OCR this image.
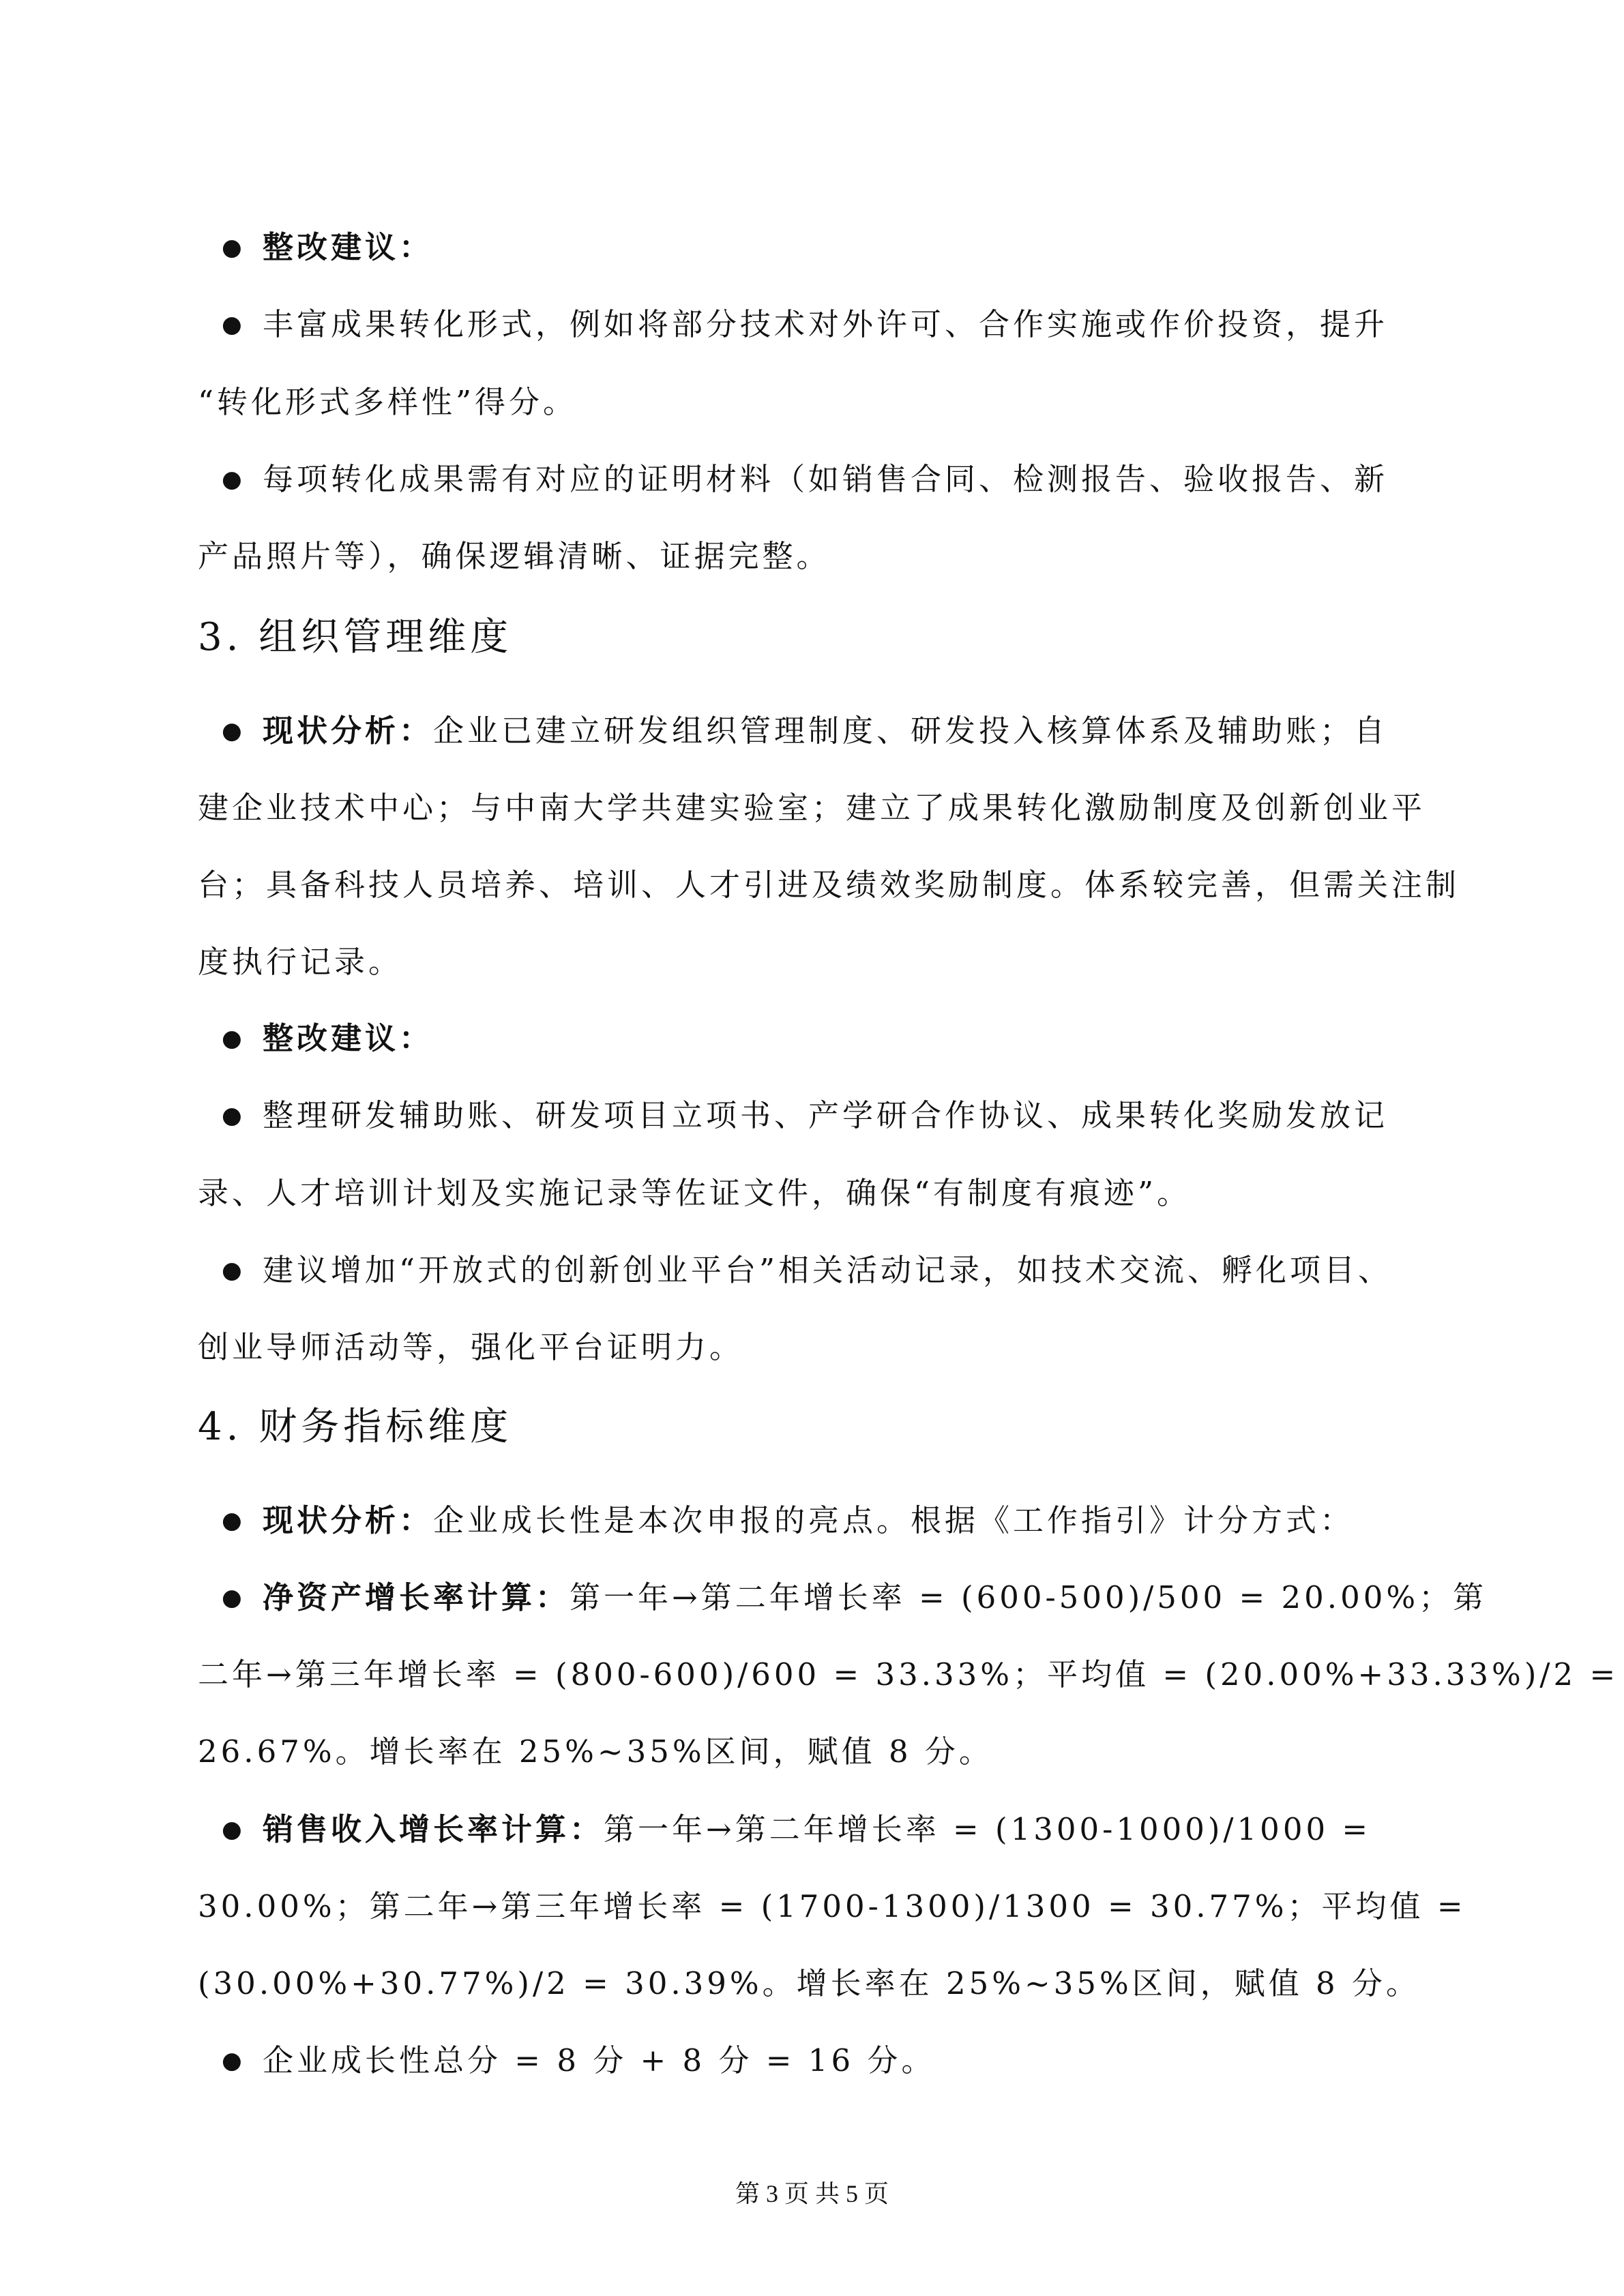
● 整改建议：
● 丰富成果转化形式，例如将部分技术对外许可、合作实施或作价投资，提升
“转化形式多样性”得分。
● 每项转化成果需有对应的证明材料（如销售合同、检测报告、验收报告、新
产品照片等），确保逻辑清晰、证据完整。
3. 组织管理维度
● 现状分析：企业已建立研发组织管理制度、研发投入核算体系及辅助账；自
建企业技术中心；与中南大学共建实验室；建立了成果转化激励制度及创新创业平
台；具备科技人员培养、培训、人才引进及绩效奖励制度。体系较完善，但需关注制
度执行记录。
● 整改建议：
● 整理研发辅助账、研发项目立项书、产学研合作协议、成果转化奖励发放记
录、人才培训计划及实施记录等佐证文件，确保“有制度有痕迹”。
● 建议增加“开放式的创新创业平台”相关活动记录，如技术交流、孵化项目、
创业导师活动等，强化平台证明力。
4. 财务指标维度
● 现状分析：企业成长性是本次申报的亮点。根据《工作指引》计分方式：
● 净资产增长率计算：第一年→第二年增长率 = (600-500)/500 = 20.00%；第
二年→第三年增长率 = (800-600)/600 = 33.33%；平均值 = (20.00%+33.33%)/2 =
26.67%。增长率在 25%~35%区间，赋值 8 分。
● 销售收入增长率计算：第一年→第二年增长率 = (1300-1000)/1000 =
30.00%；第二年→第三年增长率 = (1700-1300)/1300 = 30.77%；平均值 =
(30.00%+30.77%)/2 = 30.39%。增长率在 25%~35%区间，赋值 8 分。
● 企业成长性总分 = 8 分 + 8 分 = 16 分。
第 3 页 共 5 页
